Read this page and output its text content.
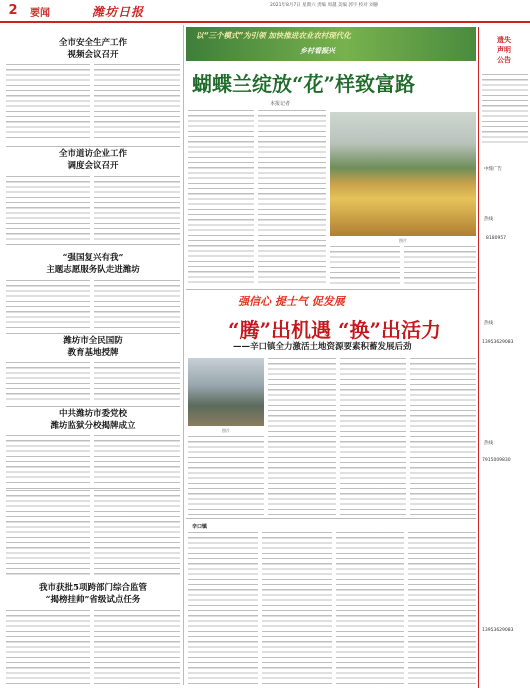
2	要闻	潍坊日报	2021年8月7日 星期六 责编 周越 美编 郭宇 校对 刘静
全市安全生产工作
视频会议召开
全市道访企业工作
调度会议召开
“强国复兴有我”
主题志愿服务队走进潍坊
潍坊市全民国防
教育基地授牌
中共潍坊市委党校
潍坊监狱分校揭牌成立
我市获批5项跨部门综合监管
“揭榜挂帅”省级试点任务
以“三个模式”为引领 加快推进农业农村现代化
乡村看振兴
蝴蝶兰绽放“花”样致富路
本报记者
图片
强信心 提士气 促发展
“腾”出机遇 “换”出活力
——辛口镇全力激活土地资源要素积蓄发展后劲
图片
辛口镇
遗失
声明
公告
中缝广告
热线：
8180957
热线：
13953629083
热线：
7915009830
13953629083
